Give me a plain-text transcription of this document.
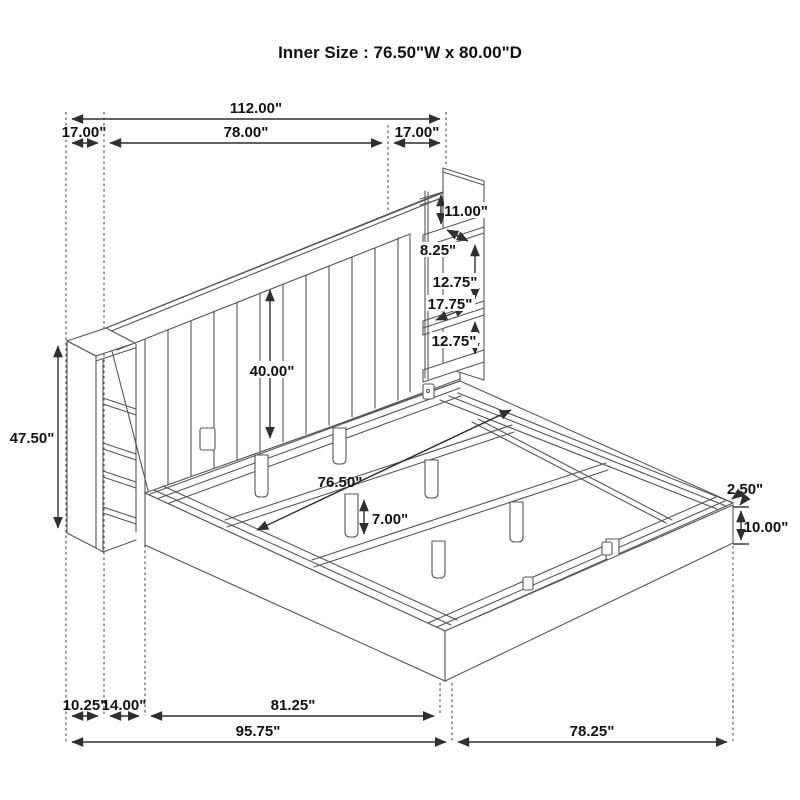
Inner Size : 76.50"W x 80.00"D
112.00"
17.00"	78.00"	17.00"
11.00"
8.25"
12.75"
17.75"
12.75"
40.00"
47.50"
76.50"
7.00"
2.50"
10.00"
10.25"
14.00"	81.25"
95.75"	78.25"
